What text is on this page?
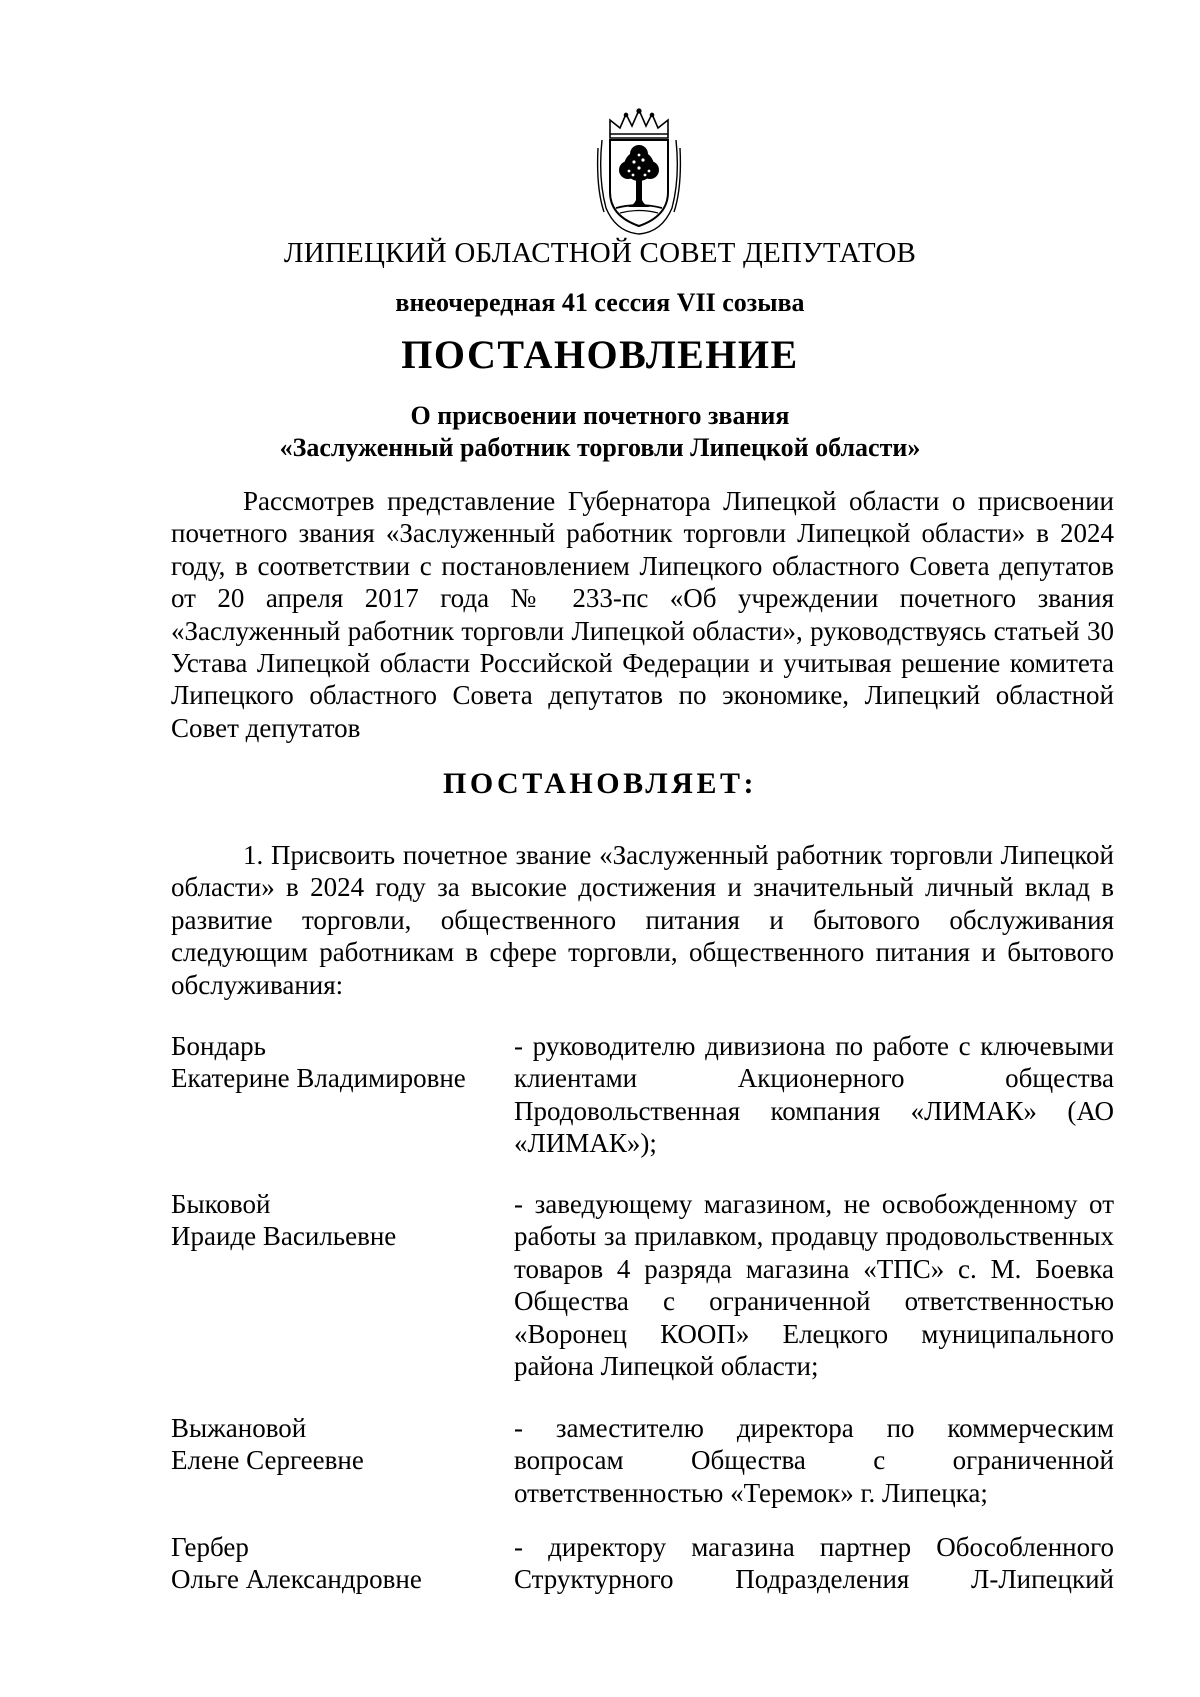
ЛИПЕЦКИЙ ОБЛАСТНОЙ СОВЕТ ДЕПУТАТОВ
внеочередная 41 сессия VII созыва
ПОСТАНОВЛЕНИЕ
О присвоении почетного звания
«Заслуженный работник торговли Липецкой области»

Рассмотрев представление Губернатора Липецкой области о присвоении почетного звания «Заслуженный работник торговли Липецкой области» в 2024 году, в соответствии с постановлением Липецкого областного Совета депутатов от 20 апреля 2017 года № 233-пс «Об учреждении почетного звания «Заслуженный работник торговли Липецкой области», руководствуясь статьей 30 Устава Липецкой области Российской Федерации и учитывая решение комитета Липецкого областного Совета депутатов по экономике, Липецкий областной Совет депутатов

ПОСТАНОВЛЯЕТ:

1. Присвоить почетное звание «Заслуженный работник торговли Липецкой области» в 2024 году за высокие достижения и значительный личный вклад в развитие торговли, общественного питания и бытового обслуживания следующим работникам в сфере торговли, общественного питания и бытового обслуживания:

Бондарь
Екатерине Владимировне
- руководителю дивизиона по работе с ключевыми клиентами Акционерного общества Продовольственная компания «ЛИМАК» (АО «ЛИМАК»);
Быковой
Ираиде Васильевне
- заведующему магазином, не освобожденному от работы за прилавком, продавцу продовольственных товаров 4 разряда магазина «ТПС» с. М. Боевка Общества с ограниченной ответственностью «Воронец КООП» Елецкого муниципального района Липецкой области;
Выжановой
Елене Сергеевне
- заместителю директора по коммерческим вопросам Общества с ограниченной ответственностью «Теремок» г. Липецка;
Гербер
Ольге Александровне
- директору магазина партнер Обособленного Структурного Подразделения Л-Липецкий
